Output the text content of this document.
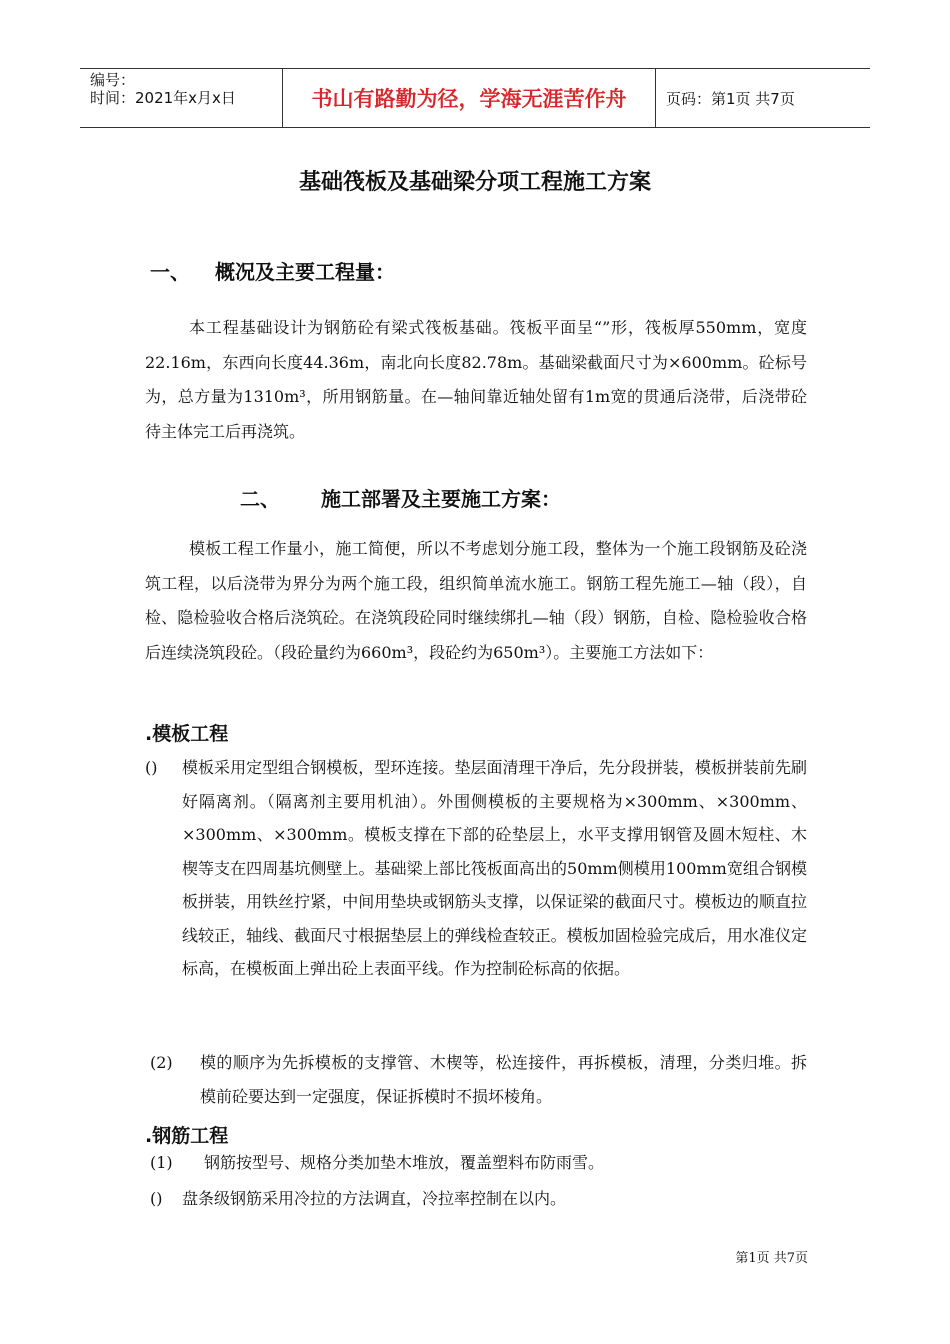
编号：
时间：2021年x月x日	书山有路勤为径，学海无涯苦作舟	页码：第1页 共7页
基础筏板及基础梁分项工程施工方案
一、 概况及主要工程量：
本工程基础设计为钢筋砼有梁式筏板基础。筏板平面呈“”形，筏板厚550mm，宽度22.16m，东西向长度44.36m，南北向长度82.78m。基础梁截面尺寸为×600mm。砼标号为，总方量为1310m³，所用钢筋量。在—轴间靠近轴处留有1m宽的贯通后浇带，后浇带砼待主体完工后再浇筑。
二、 施工部署及主要施工方案：
模板工程工作量小，施工简便，所以不考虑划分施工段，整体为一个施工段钢筋及砼浇筑工程，以后浇带为界分为两个施工段，组织简单流水施工。钢筋工程先施工—轴（段），自检、隐检验收合格后浇筑砼。在浇筑段砼同时继续绑扎—轴（段）钢筋，自检、隐检验收合格后连续浇筑段砼。（段砼量约为660m³，段砼约为650m³）。主要施工方法如下：
.模板工程
() 模板采用定型组合钢模板，型环连接。垫层面清理干净后，先分段拼装，模板拼装前先刷好隔离剂。（隔离剂主要用机油）。外围侧模板的主要规格为×300mm、×300mm、×300mm、×300mm。模板支撑在下部的砼垫层上，水平支撑用钢管及圆木短柱、木楔等支在四周基坑侧壁上。基础梁上部比筏板面高出的50mm侧模用100mm宽组合钢模板拼装，用铁丝拧紧，中间用垫块或钢筋头支撑，以保证梁的截面尺寸。模板边的顺直拉线较正，轴线、截面尺寸根据垫层上的弹线检查较正。模板加固检验完成后，用水准仪定标高，在模板面上弹出砼上表面平线。作为控制砼标高的依据。
(2) 模的顺序为先拆模板的支撑管、木楔等，松连接件，再拆模板，清理，分类归堆。拆模前砼要达到一定强度，保证拆模时不损坏棱角。
.钢筋工程
(1) 钢筋按型号、规格分类加垫木堆放，覆盖塑料布防雨雪。
() 盘条级钢筋采用冷拉的方法调直，冷拉率控制在以内。
第1页 共7页
